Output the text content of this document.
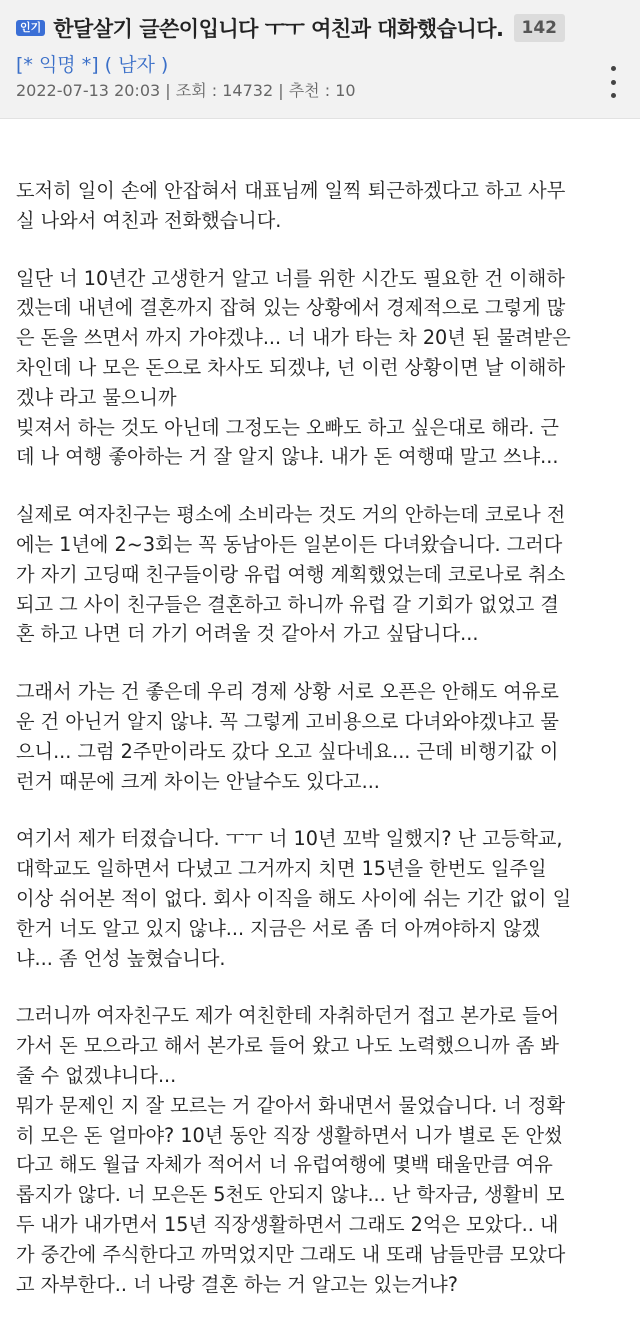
인기 한달살기 글쓴이입니다 ㅜㅜ 여친과 대화했습니다.	142
[* 익명 *] ( 남자 )
2022-07-13 20:03 | 조회 : 14732 | 추천 : 10
도저히 일이 손에 안잡혀서 대표님께 일찍 퇴근하겠다고 하고 사무
실 나와서 여친과 전화했습니다.
일단 너 10년간 고생한거 알고 너를 위한 시간도 필요한 건 이해하
겠는데 내년에 결혼까지 잡혀 있는 상황에서 경제적으로 그렇게 많
은 돈을 쓰면서 까지 가야겠냐... 너 내가 타는 차 20년 된 물려받은
차인데 나 모은 돈으로 차사도 되겠냐, 넌 이런 상황이면 날 이해하
겠냐 라고 물으니까
빚져서 하는 것도 아닌데 그정도는 오빠도 하고 싶은대로 해라. 근
데 나 여행 좋아하는 거 잘 알지 않냐. 내가 돈 여행때 말고 쓰냐...
실제로 여자친구는 평소에 소비라는 것도 거의 안하는데 코로나 전
에는 1년에 2~3회는 꼭 동남아든 일본이든 다녀왔습니다. 그러다
가 자기 고딩때 친구들이랑 유럽 여행 계획했었는데 코로나로 취소
되고 그 사이 친구들은 결혼하고 하니까 유럽 갈 기회가 없었고 결
혼 하고 나면 더 가기 어려울 것 같아서 가고 싶답니다...
그래서 가는 건 좋은데 우리 경제 상황 서로 오픈은 안해도 여유로
운 건 아닌거 알지 않냐. 꼭 그렇게 고비용으로 다녀와야겠냐고 물
으니... 그럼 2주만이라도 갔다 오고 싶다네요... 근데 비행기값 이
런거 때문에 크게 차이는 안날수도 있다고...
여기서 제가 터졌습니다. ㅜㅜ 너 10년 꼬박 일했지? 난 고등학교,
대학교도 일하면서 다녔고 그거까지 치면 15년을 한번도 일주일
이상 쉬어본 적이 없다. 회사 이직을 해도 사이에 쉬는 기간 없이 일
한거 너도 알고 있지 않냐... 지금은 서로 좀 더 아껴야하지 않겠
냐... 좀 언성 높혔습니다.
그러니까 여자친구도 제가 여친한테 자취하던거 접고 본가로 들어
가서 돈 모으라고 해서 본가로 들어 왔고 나도 노력했으니까 좀 봐
줄 수 없겠냐니다...
뭐가 문제인 지 잘 모르는 거 같아서 화내면서 물었습니다. 너 정확
히 모은 돈 얼마야? 10년 동안 직장 생활하면서 니가 별로 돈 안썼
다고 해도 월급 자체가 적어서 너 유럽여행에 몇백 태울만큼 여유
롭지가 않다. 너 모은돈 5천도 안되지 않냐... 난 학자금, 생활비 모
두 내가 내가면서 15년 직장생활하면서 그래도 2억은 모았다.. 내
가 중간에 주식한다고 까먹었지만 그래도 내 또래 남들만큼 모았다
고 자부한다.. 너 나랑 결혼 하는 거 알고는 있는거냐?
